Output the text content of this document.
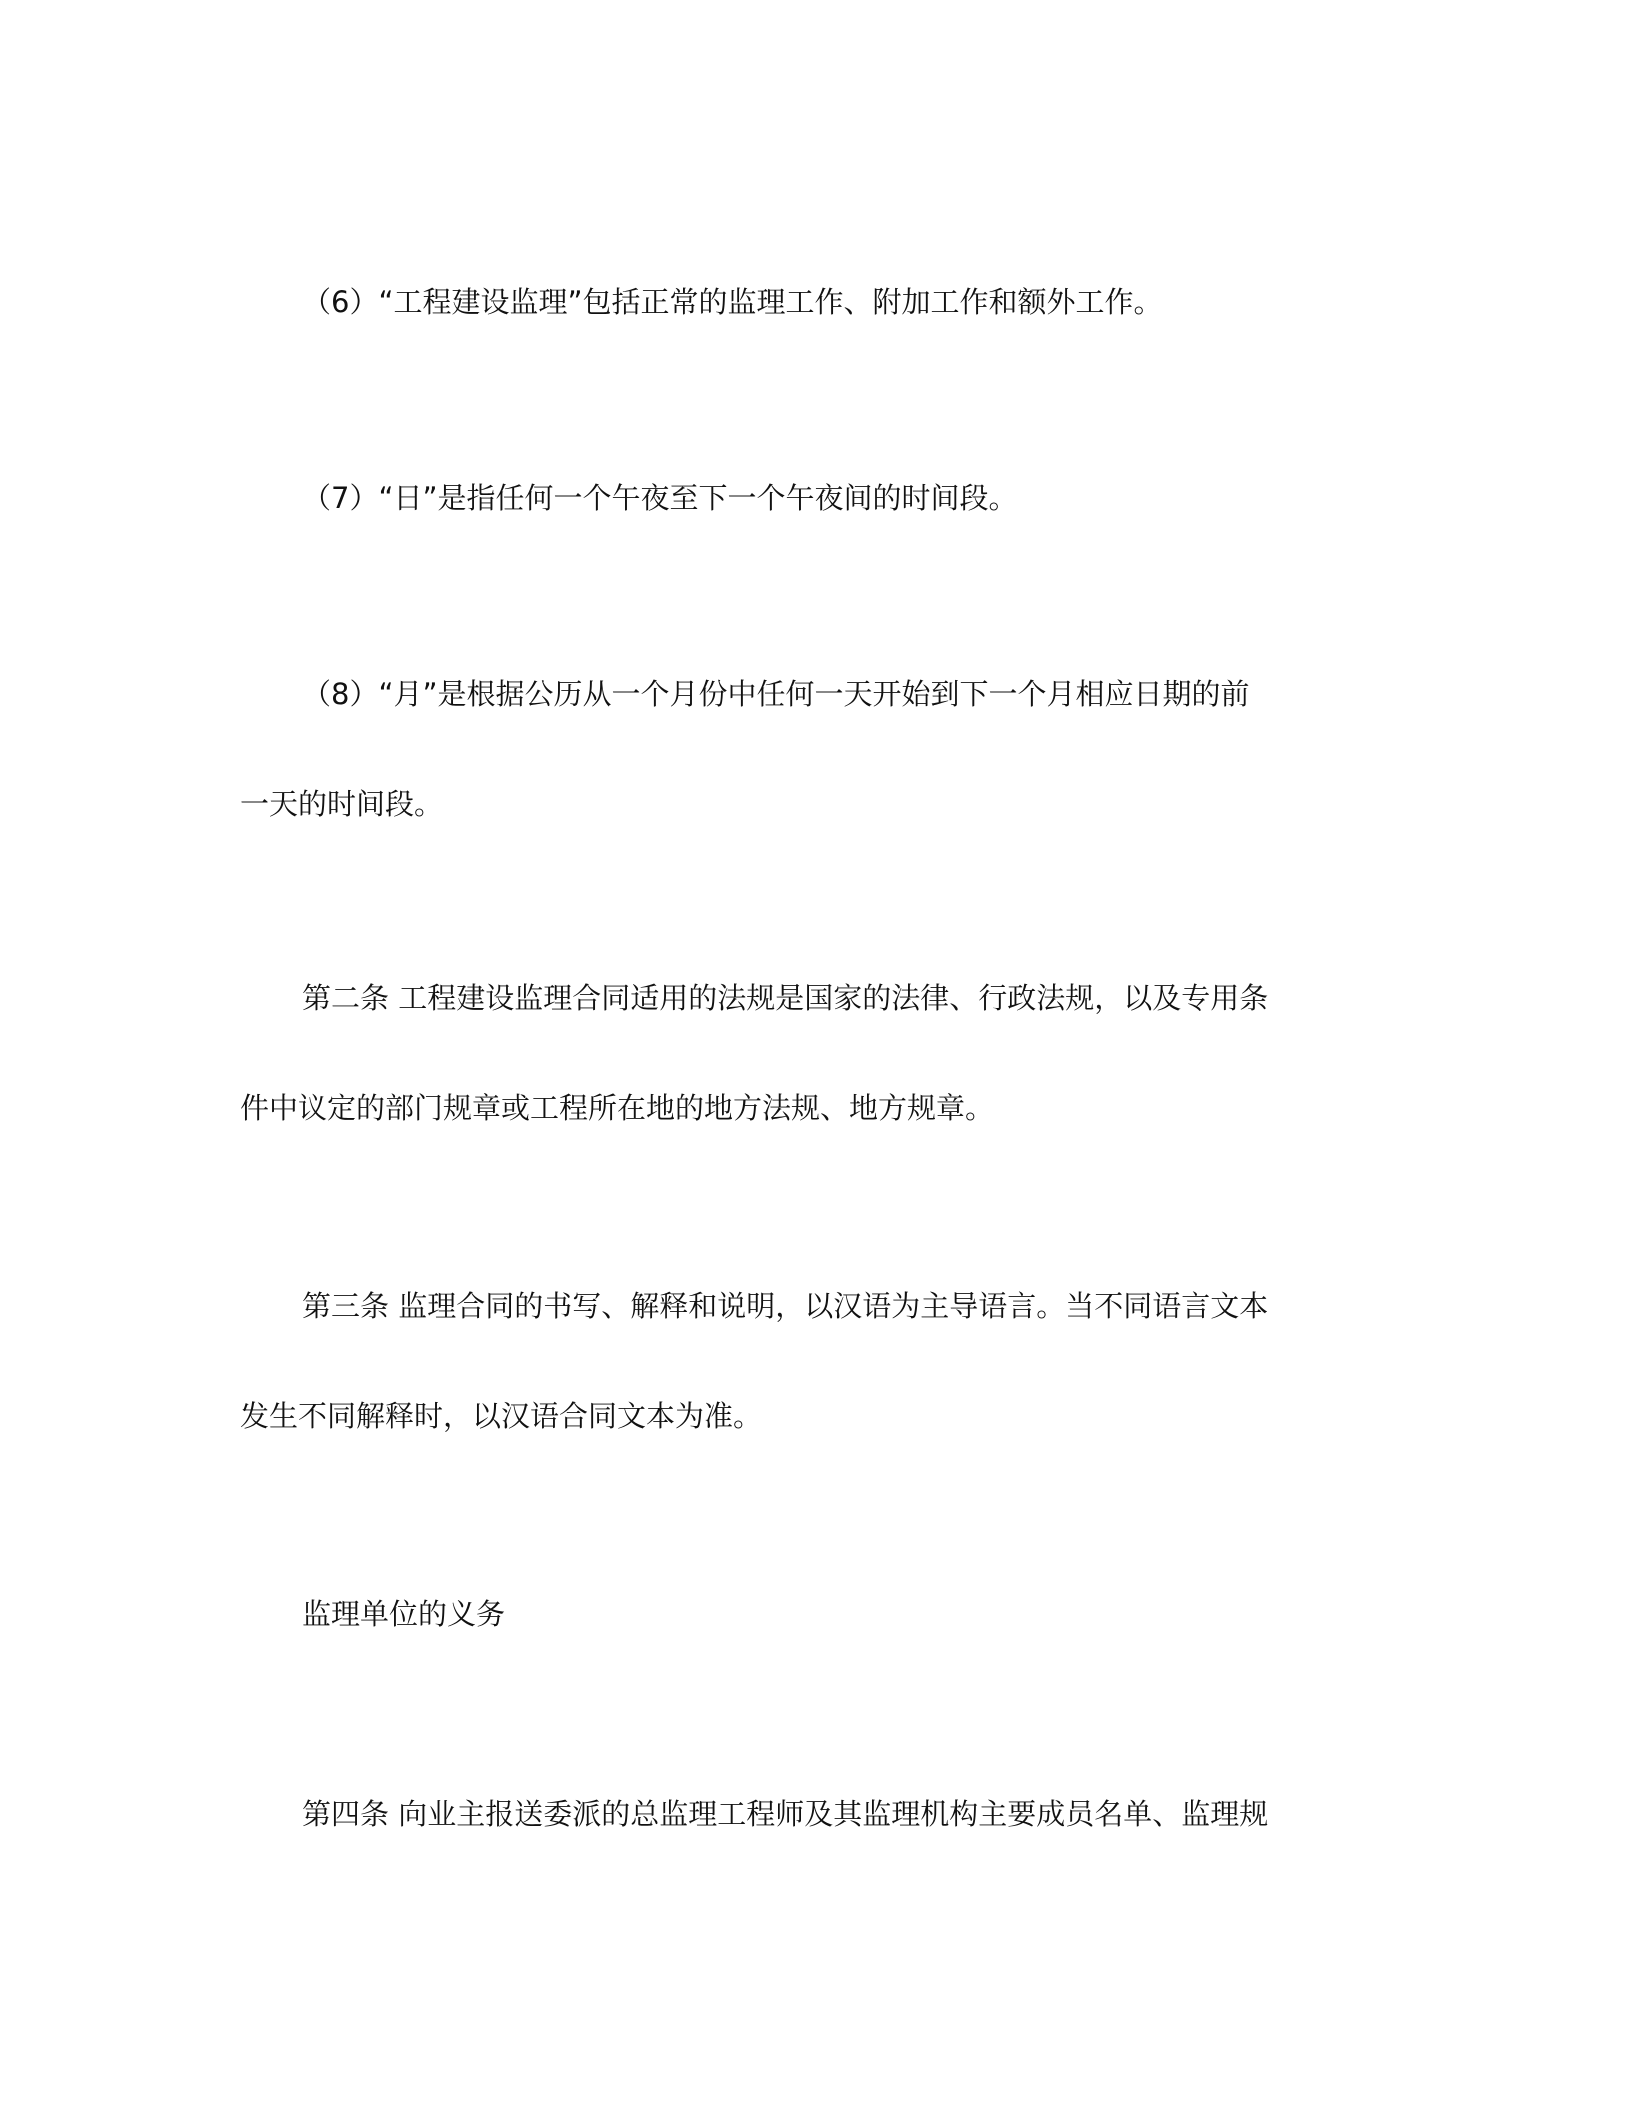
（6）“工程建设监理”包括正常的监理工作、附加工作和额外工作。
（7）“日”是指任何一个午夜至下一个午夜间的时间段。
（8）“月”是根据公历从一个月份中任何一天开始到下一个月相应日期的前
一天的时间段。
第二条 工程建设监理合同适用的法规是国家的法律、行政法规，以及专用条
件中议定的部门规章或工程所在地的地方法规、地方规章。
第三条 监理合同的书写、解释和说明，以汉语为主导语言。当不同语言文本
发生不同解释时，以汉语合同文本为准。
监理单位的义务
第四条 向业主报送委派的总监理工程师及其监理机构主要成员名单、监理规
